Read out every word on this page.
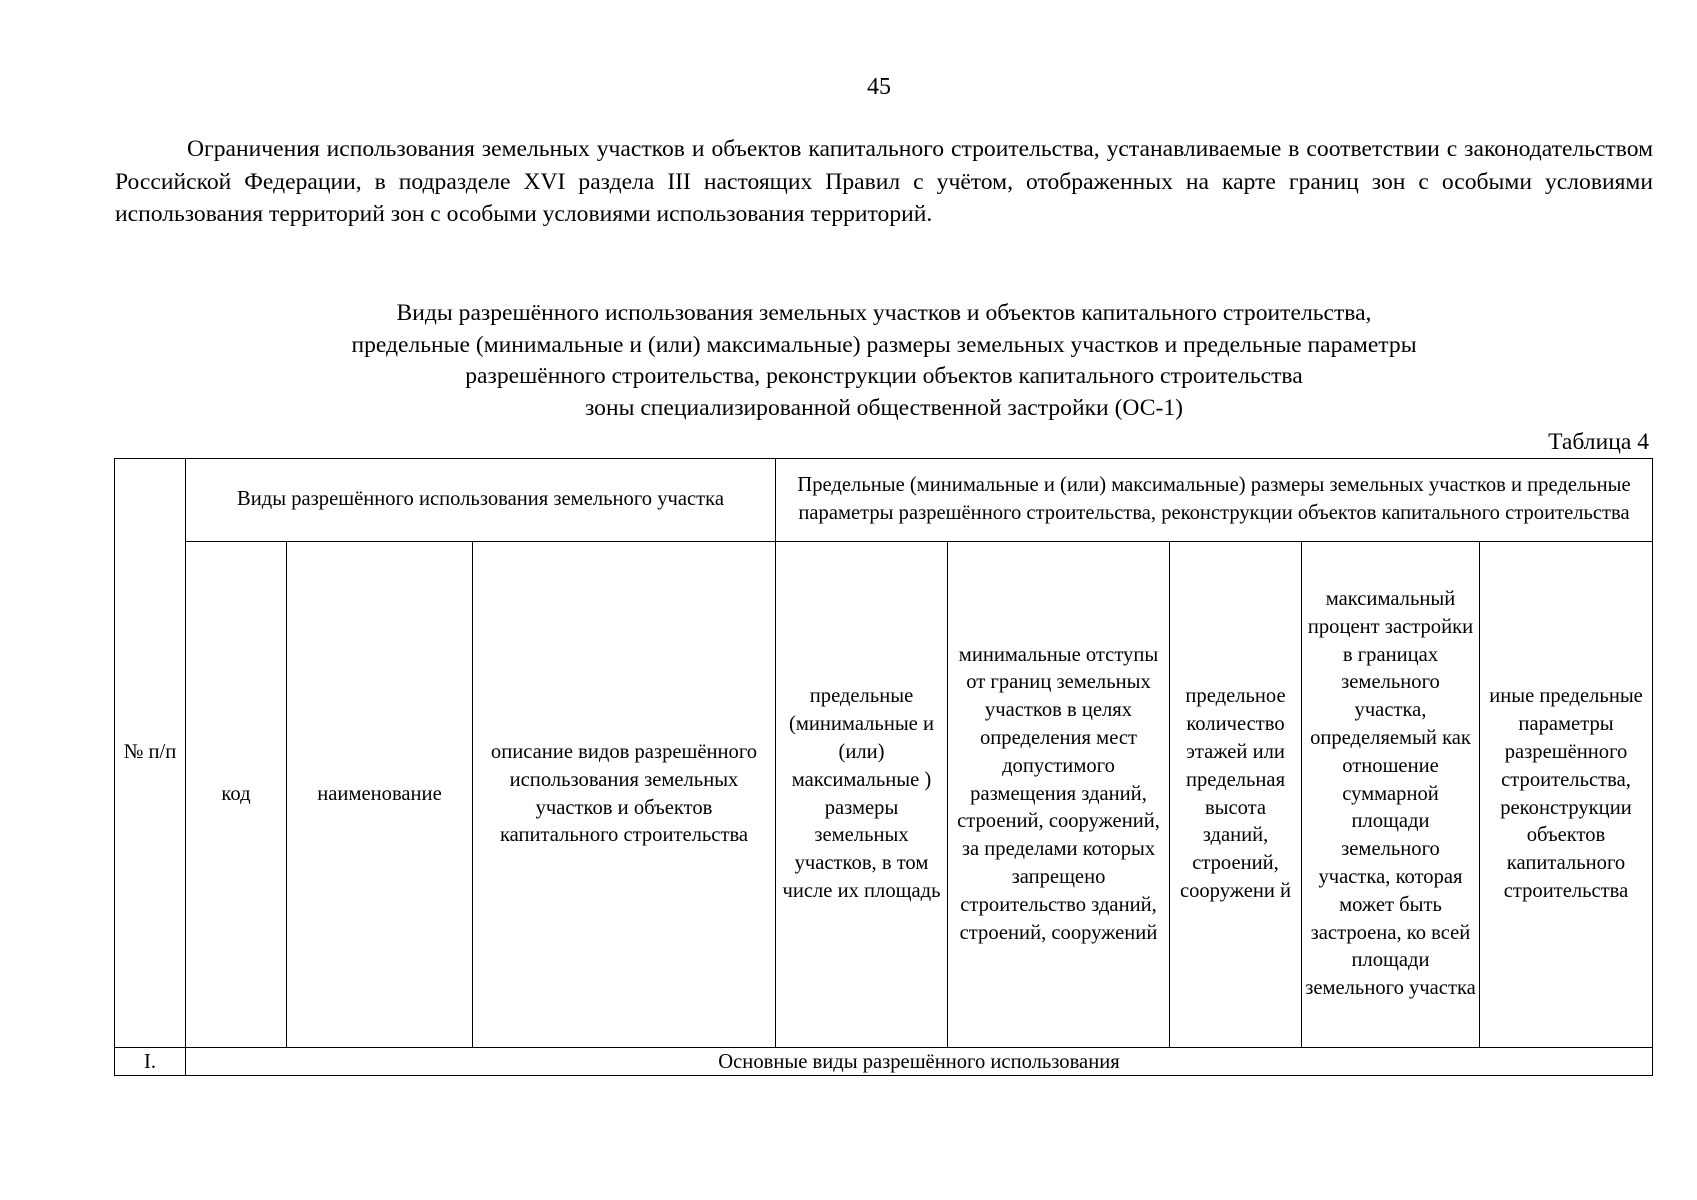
45

Ограничения использования земельных участков и объектов капитального строительства, устанавливаемые в соответствии с законодательством Российской Федерации, в подразделе XVI раздела III настоящих Правил с учётом, отображенных на карте границ зон с особыми условиями использования территорий зон с особыми условиями использования территорий.

Виды разрешённого использования земельных участков и объектов капитального строительства,
предельные (минимальные и (или) максимальные) размеры земельных участков и предельные параметры
разрешённого строительства, реконструкции объектов капитального строительства
зоны специализированной общественной застройки (ОС-1)
Таблица 4
№ п/п	Виды разрешённого использования земельного участка			Предельные (минимальные и (или) максимальные) размеры земельных участков и предельные параметры разрешённого строительства, реконструкции объектов капитального строительства				
	код	наименование	описание видов разрешённого использования земельных участков и объектов капитального строительства	предельные (минимальные и (или) максимальные ) размеры земельных участков, в том числе их площадь	минимальные отступы от границ земельных участков в целях определения мест допустимого размещения зданий, строений, сооружений, за пределами которых запрещено строительство зданий, строений, сооружений	предельное количество этажей или предельная высота зданий, строений, сооружени й	максимальный процент застройки в границах земельного участка, определяемый как отношение суммарной площади земельного участка, которая может быть застроена, ко всей площади земельного участка	иные предельные параметры разрешённого строительства, реконструкции объектов капитального строительства
I.	Основные виды разрешённого использования							
